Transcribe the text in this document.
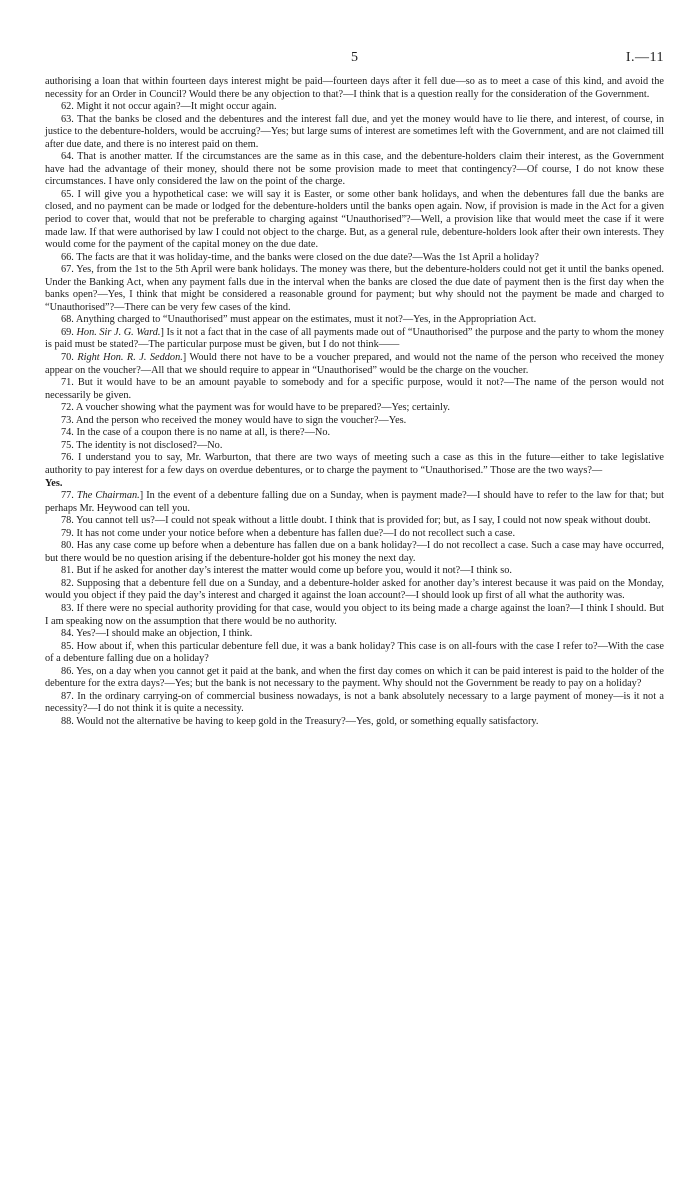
5	I.—11

authorising a loan that within fourteen days interest might be paid—fourteen days after it fell due—so as to meet a case of this kind, and avoid the necessity for an Order in Council? Would there be any objection to that?—I think that is a question really for the consideration of the Government.

62. Might it not occur again?—It might occur again.

63. That the banks be closed and the debentures and the interest fall due, and yet the money would have to lie there, and interest, of course, in justice to the debenture-holders, would be accruing?—Yes; but large sums of interest are sometimes left with the Government, and are not claimed till after due date, and there is no interest paid on them.

64. That is another matter. If the circumstances are the same as in this case, and the debenture-holders claim their interest, as the Government have had the advantage of their money, should there not be some provision made to meet that contingency?—Of course, I do not know these circumstances. I have only considered the law on the point of the charge.

65. I will give you a hypothetical case: we will say it is Easter, or some other bank holidays, and when the debentures fall due the banks are closed, and no payment can be made or lodged for the debenture-holders until the banks open again. Now, if provision is made in the Act for a given period to cover that, would that not be preferable to charging against “Unauthorised”?—Well, a provision like that would meet the case if it were made law. If that were authorised by law I could not object to the charge. But, as a general rule, debenture-holders look after their own interests. They would come for the payment of the capital money on the due date.

66. The facts are that it was holiday-time, and the banks were closed on the due date?—Was the 1st April a holiday?

67. Yes, from the 1st to the 5th April were bank holidays. The money was there, but the debenture-holders could not get it until the banks opened. Under the Banking Act, when any payment falls due in the interval when the banks are closed the due date of payment then is the first day when the banks open?—Yes, I think that might be considered a reasonable ground for payment; but why should not the payment be made and charged to “Unauthorised”?—There can be very few cases of the kind.

68. Anything charged to “Unauthorised” must appear on the estimates, must it not?—Yes, in the Appropriation Act.

69. Hon. Sir J. G. Ward.] Is it not a fact that in the case of all payments made out of “Unauthorised” the purpose and the party to whom the money is paid must be stated?—The particular purpose must be given, but I do not think——

70. Right Hon. R. J. Seddon.] Would there not have to be a voucher prepared, and would not the name of the person who received the money appear on the voucher?—All that we should require to appear in “Unauthorised” would be the charge on the voucher.

71. But it would have to be an amount payable to somebody and for a specific purpose, would it not?—The name of the person would not necessarily be given.

72. A voucher showing what the payment was for would have to be prepared?—Yes; certainly.

73. And the person who received the money would have to sign the voucher?—Yes.

74. In the case of a coupon there is no name at all, is there?—No.

75. The identity is not disclosed?—No.

76. I understand you to say, Mr. Warburton, that there are two ways of meeting such a case as this in the future—either to take legislative authority to pay interest for a few days on overdue debentures, or to charge the payment to “Unauthorised.” Those are the two ways?—

Yes.

77. The Chairman.] In the event of a debenture falling due on a Sunday, when is payment made?—I should have to refer to the law for that; but perhaps Mr. Heywood can tell you.

78. You cannot tell us?—I could not speak without a little doubt. I think that is provided for; but, as I say, I could not now speak without doubt.

79. It has not come under your notice before when a debenture has fallen due?—I do not recollect such a case.

80. Has any case come up before when a debenture has fallen due on a bank holiday?—I do not recollect a case. Such a case may have occurred, but there would be no question arising if the debenture-holder got his money the next day.

81. But if he asked for another day’s interest the matter would come up before you, would it not?—I think so.

82. Supposing that a debenture fell due on a Sunday, and a debenture-holder asked for another day’s interest because it was paid on the Monday, would you object if they paid the day’s interest and charged it against the loan account?—I should look up first of all what the authority was.

83. If there were no special authority providing for that case, would you object to its being made a charge against the loan?—I think I should. But I am speaking now on the assumption that there would be no authority.

84. Yes?—I should make an objection, I think.

85. How about if, when this particular debenture fell due, it was a bank holiday? This case is on all-fours with the case I refer to?—With the case of a debenture falling due on a holiday?

86. Yes, on a day when you cannot get it paid at the bank, and when the first day comes on which it can be paid interest is paid to the holder of the debenture for the extra days?—Yes; but the bank is not necessary to the payment. Why should not the Government be ready to pay on a holiday?

87. In the ordinary carrying-on of commercial business nowadays, is not a bank absolutely necessary to a large payment of money—is it not a necessity?—I do not think it is quite a necessity.

88. Would not the alternative be having to keep gold in the Treasury?—Yes, gold, or something equally satisfactory.
